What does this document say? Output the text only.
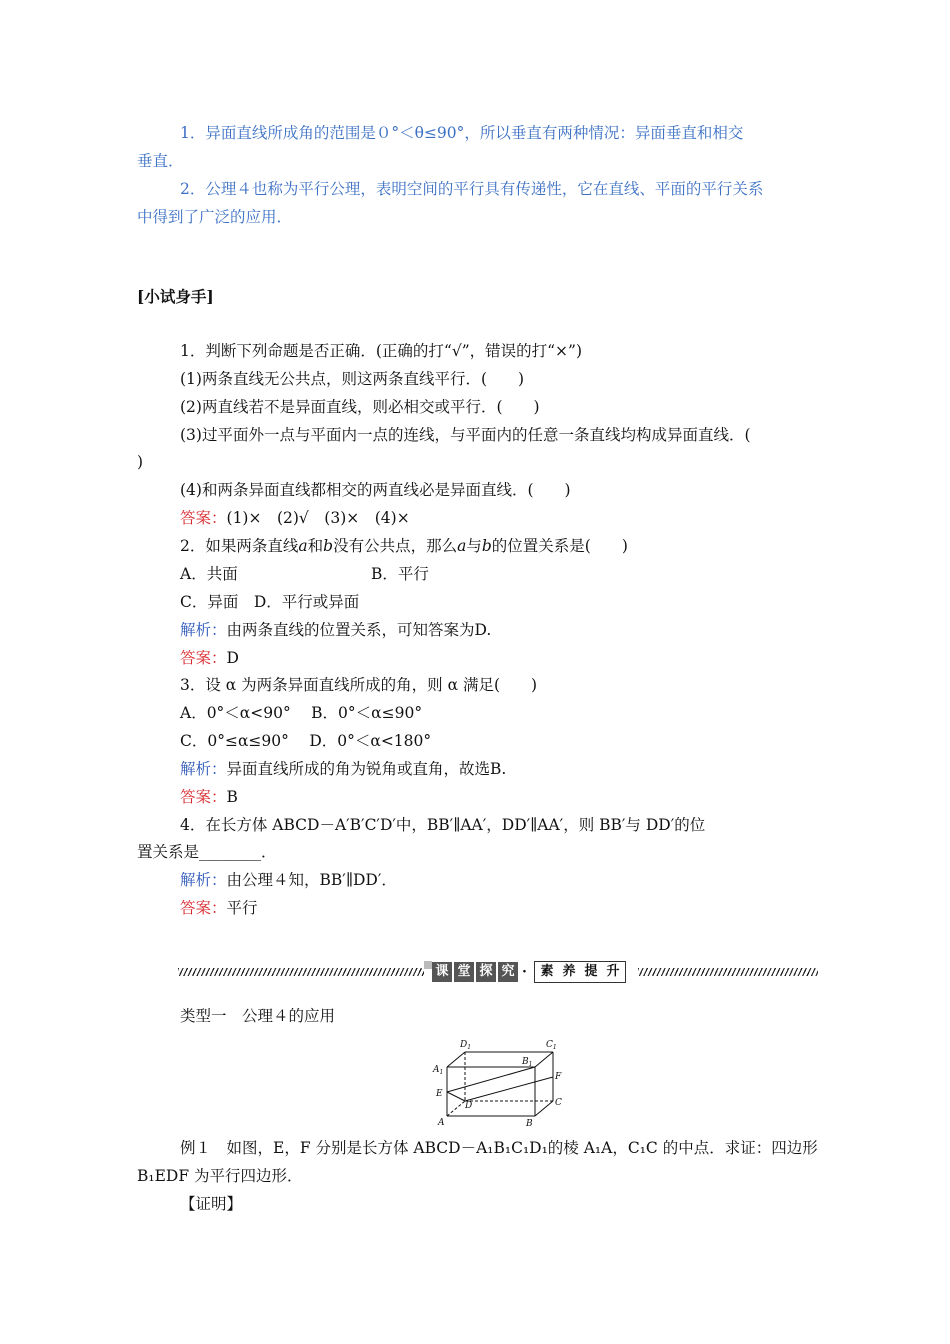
1．异面直线所成角的范围是０°＜θ≤90°，所以垂直有两种情况：异面垂直和相交
垂直．
2．公理４也称为平行公理，表明空间的平行具有传递性，它在直线、平面的平行关系
中得到了广泛的应用．
[小试身手]
1．判断下列命题是否正确．(正确的打“√”，错误的打“×”)
(1)两条直线无公共点，则这两条直线平行．(　　)
(2)两直线若不是异面直线，则必相交或平行．(　　)
(3)过平面外一点与平面内一点的连线，与平面内的任意一条直线均构成异面直线．(
)
(4)和两条异面直线都相交的两直线必是异面直线．(　　)
答案：(1)×　(2)√　(3)×　(4)×
2．如果两条直线a和b没有公共点，那么a与b的位置关系是(　　)
A．共面	B．平行
C．异面　D．平行或异面
解析：由两条直线的位置关系，可知答案为D.
答案：D
3．设 α 为两条异面直线所成的角，则 α 满足(　　)
A．0°＜α<90°　 B．0°＜α≤90°
C．0°≤α≤90°　 D．0°＜α<180°
解析：异面直线所成的角为锐角或直角，故选B.
答案：B
4．在长方体 ABCD－A′B′C′D′中，BB′∥AA′，DD′∥AA′，则 BB′与 DD′的位
置关系是________．
解析：由公理４知，BB′∥DD′．
答案：平行
课 堂 探 究 · 素 养 提 升
类型一　公理４的应用
$D_1$	$C_1$
$A_1$
$B_1$
F
E
D	C
A	B
例１　如图，E，F 分别是长方体 ABCD－A₁B₁C₁D₁的棱 A₁A，C₁C 的中点．求证：四边形
B₁EDF 为平行四边形．
【证明】
